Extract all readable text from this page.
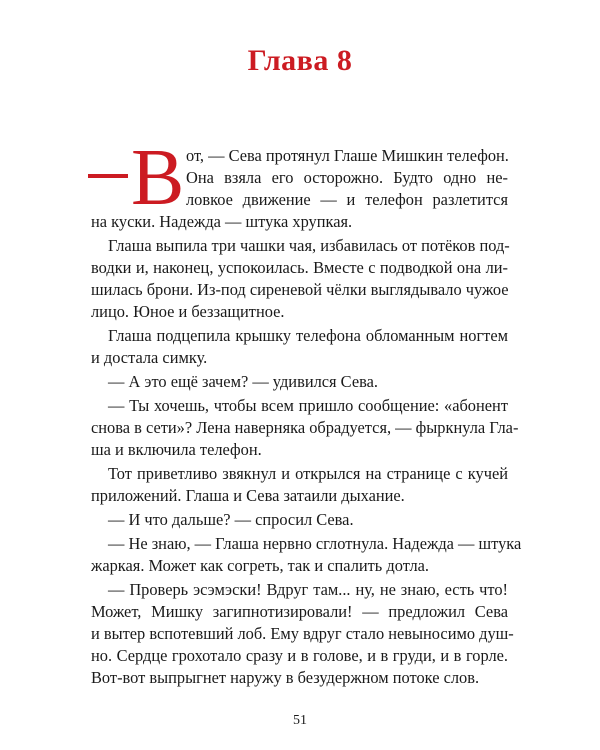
Глава 8
В от, — Сева протянул Глаше Мишкин телефон.
Она взяла его осторожно. Будто одно не-
ловкое движение — и телефон разлетится
на куски. Надежда — штука хрупкая.
Глаша выпила три чашки чая, избавилась от потёков под-
водки и, наконец, успокоилась. Вместе с подводкой она ли-
шилась брони. Из-под сиреневой чёлки выглядывало чужое
лицо. Юное и беззащитное.
Глаша подцепила крышку телефона обломанным ногтем
и достала симку.
— А это ещё зачем? — удивился Сева.
— Ты хочешь, чтобы всем пришло сообщение: «абонент
снова в сети»? Лена наверняка обрадуется, — фыркнула Гла-
ша и включила телефон.
Тот приветливо звякнул и открылся на странице с кучей
приложений. Глаша и Сева затаили дыхание.
— И что дальше? — спросил Сева.
— Не знаю, — Глаша нервно сглотнула. Надежда — штука
жаркая. Может как согреть, так и спалить дотла.
— Проверь эсэмэски! Вдруг там... ну, не знаю, есть что!
Может, Мишку загипнотизировали! — предложил Сева
и вытер вспотевший лоб. Ему вдруг стало невыносимо душ-
но. Сердце грохотало сразу и в голове, и в груди, и в горле.
Вот-вот выпрыгнет наружу в безудержном потоке слов.
51
